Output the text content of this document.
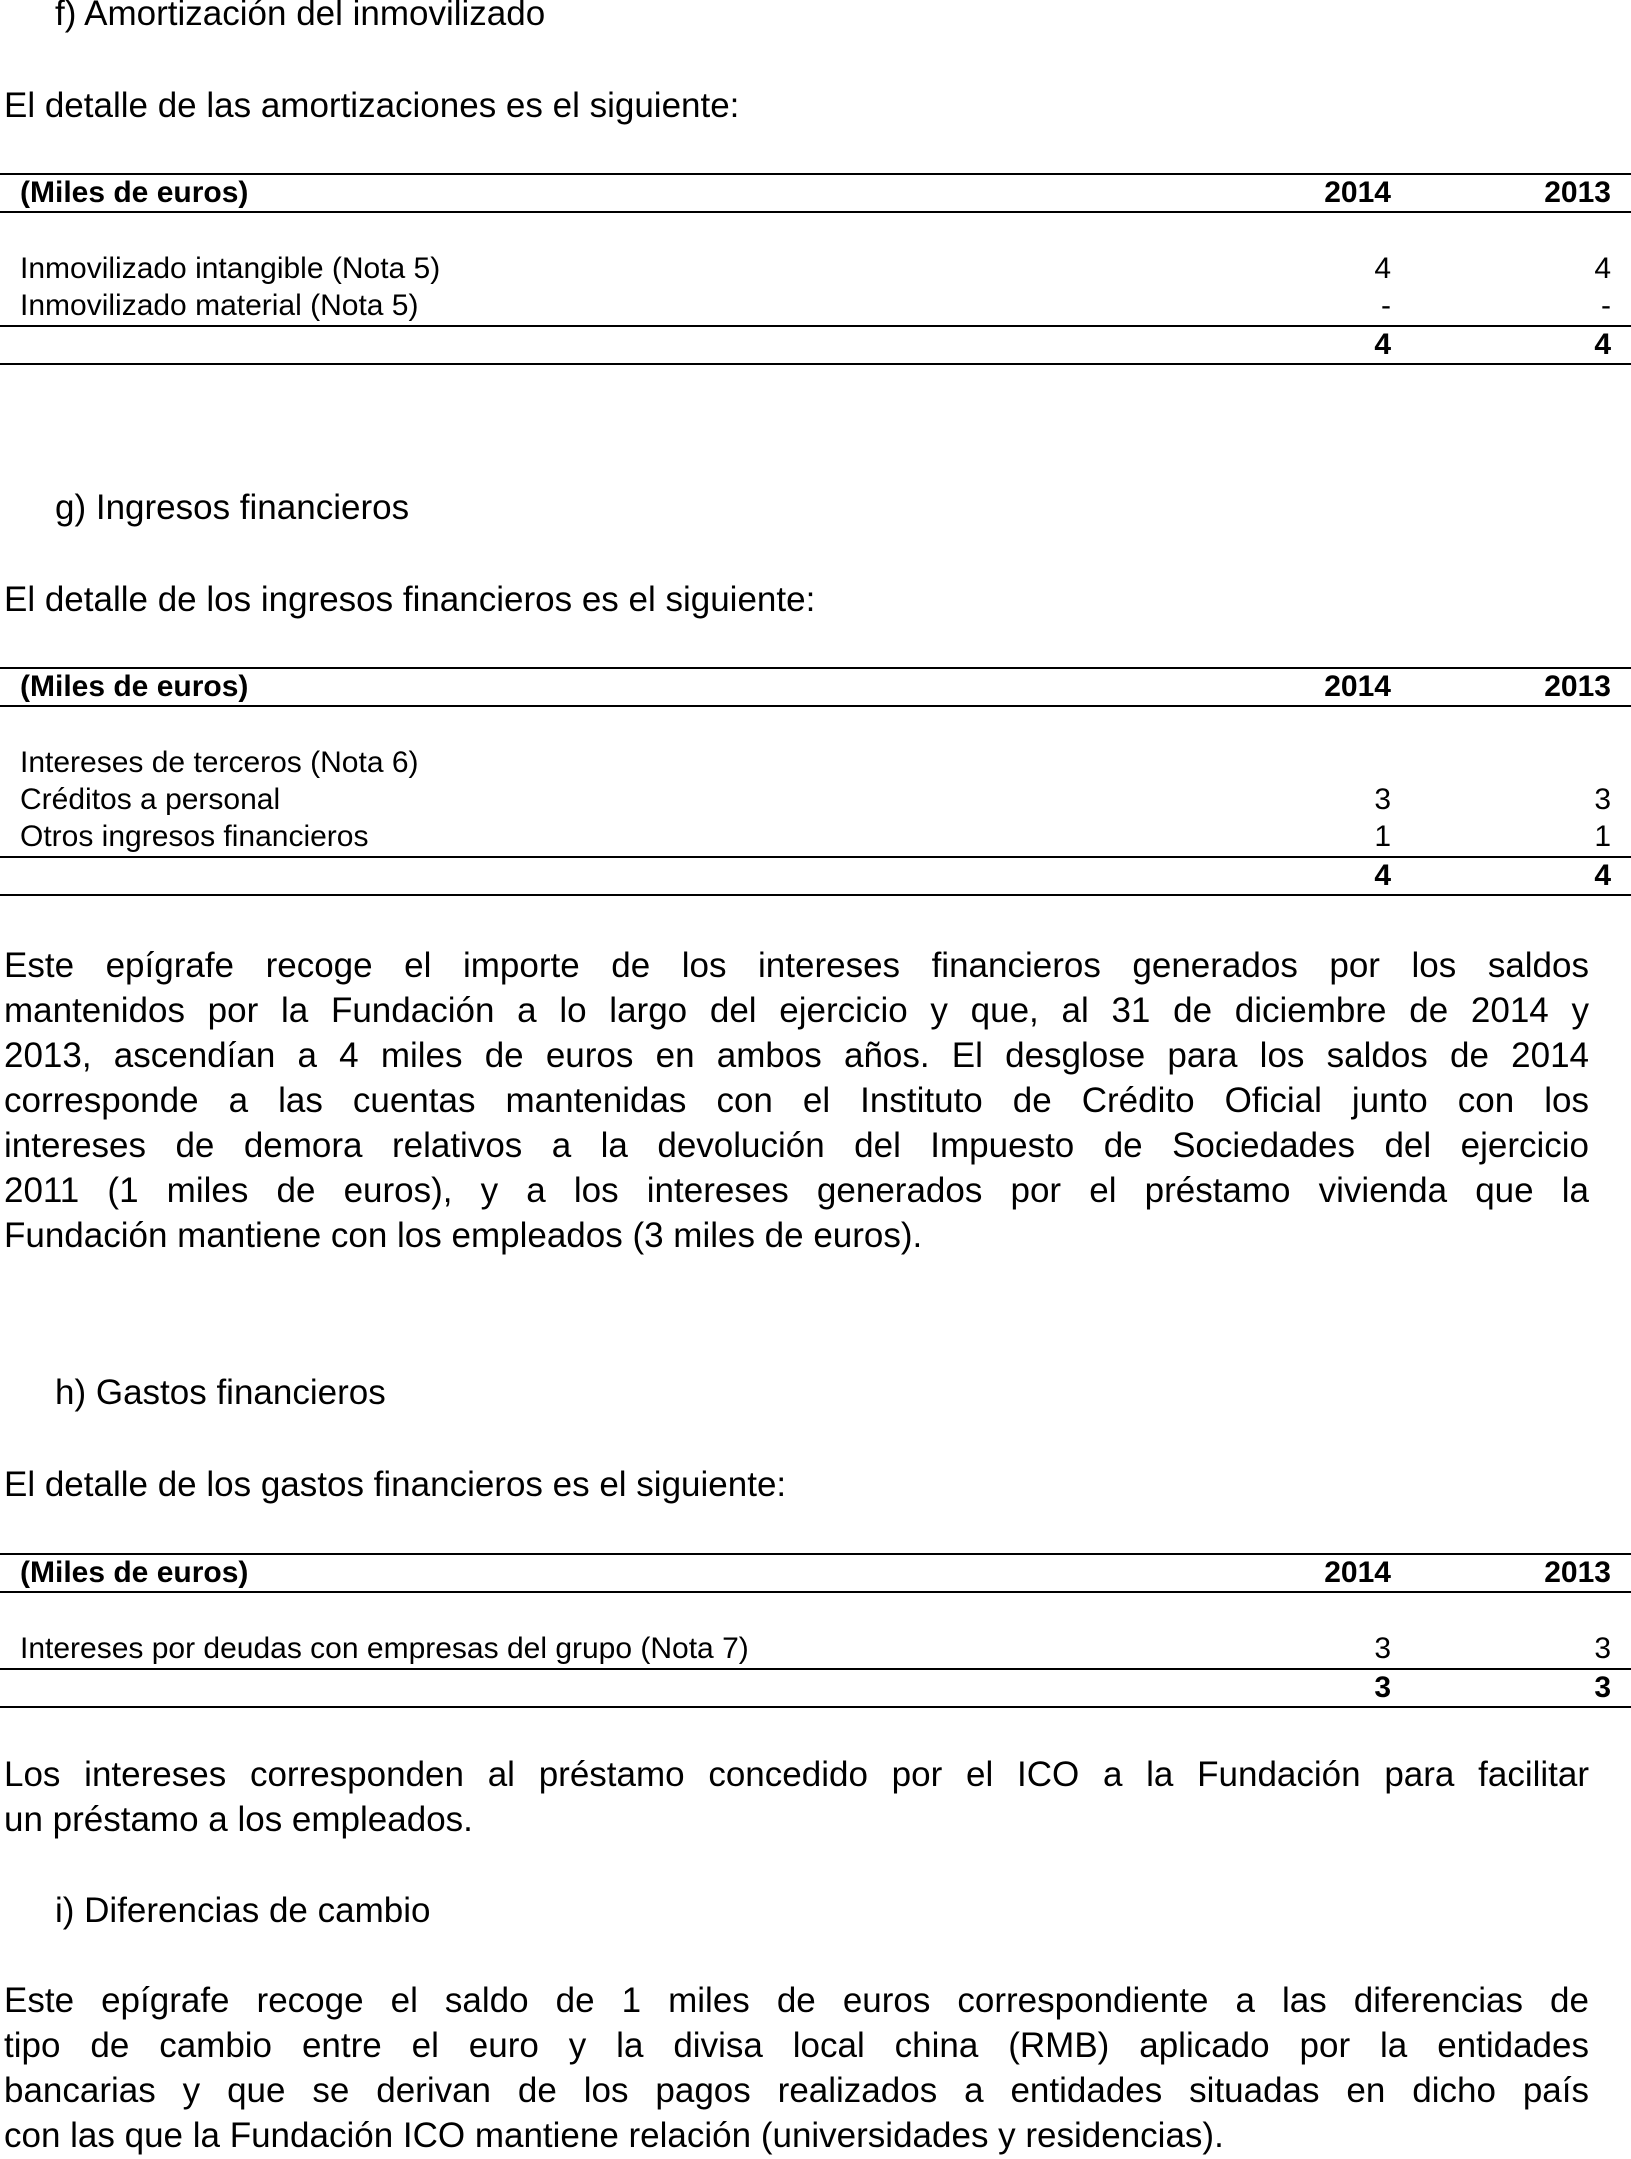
f) Amortización del inmovilizado
El detalle de las amortizaciones es el siguiente:
(Miles de euros)	2014	2013
Inmovilizado intangible (Nota 5)	4	4
Inmovilizado material (Nota 5)	-	-
4	4
g) Ingresos financieros
El detalle de los ingresos financieros es el siguiente:
(Miles de euros)	2014	2013
Intereses de terceros (Nota 6)
Créditos a personal	3	3
Otros ingresos financieros	1	1
4	4
Este epígrafe recoge el importe de los intereses financieros generados por los saldos
mantenidos por la Fundación a lo largo del ejercicio y que, al 31 de diciembre de 2014 y
2013, ascendían a 4 miles de euros en ambos años. El desglose para los saldos de 2014
corresponde a las cuentas mantenidas con el Instituto de Crédito Oficial junto con los
intereses de demora relativos a la devolución del Impuesto de Sociedades del ejercicio
2011 (1 miles de euros), y a los intereses generados por el préstamo vivienda que la
Fundación mantiene con los empleados (3 miles de euros).
h) Gastos financieros
El detalle de los gastos financieros es el siguiente:
(Miles de euros)	2014	2013
Intereses por deudas con empresas del grupo (Nota 7)	3	3
3	3
Los intereses corresponden al préstamo concedido por el ICO a la Fundación para facilitar
un préstamo a los empleados.
i) Diferencias de cambio
Este epígrafe recoge el saldo de 1 miles de euros correspondiente a las diferencias de
tipo de cambio entre el euro y la divisa local china (RMB) aplicado por la entidades
bancarias y que se derivan de los pagos realizados a entidades situadas en dicho país
con las que la Fundación ICO mantiene relación (universidades y residencias).
